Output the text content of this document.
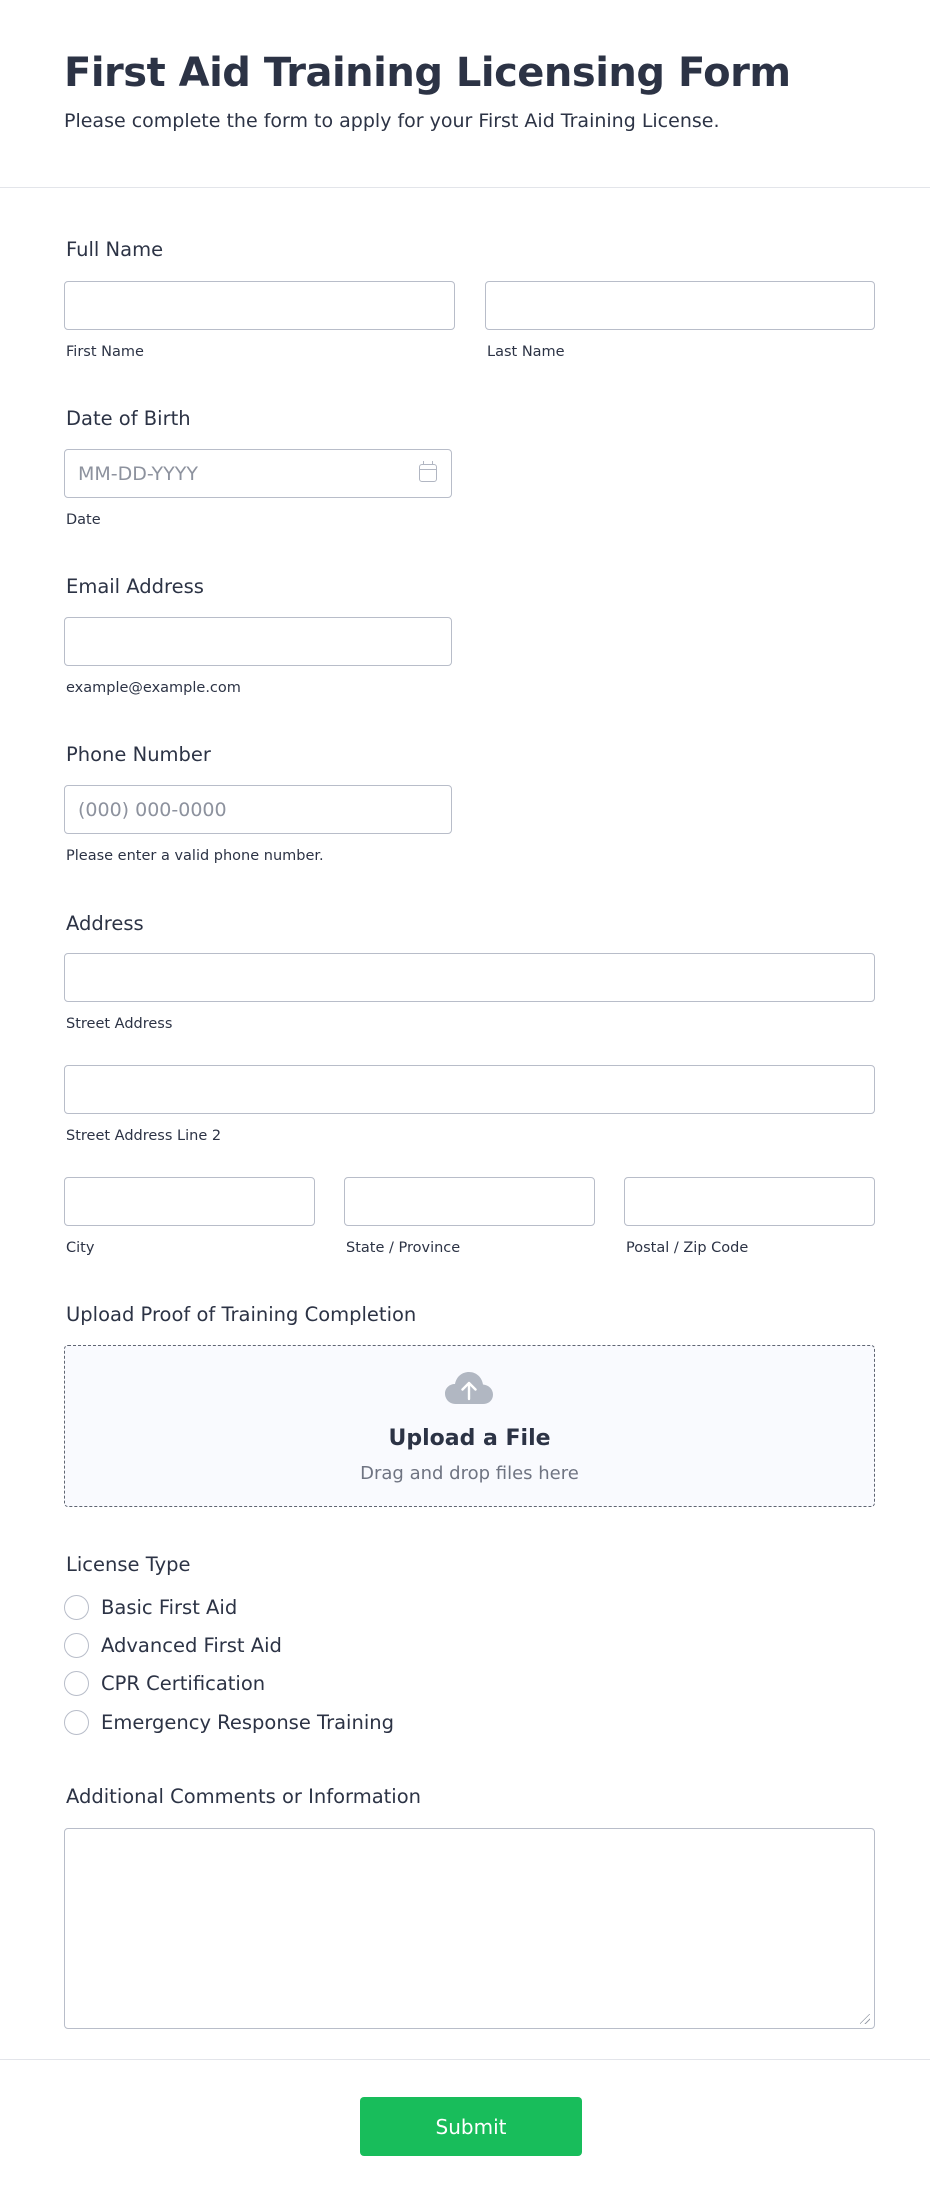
First Aid Training Licensing Form

Please complete the form to apply for your First Aid Training License.

Full Name
First Name	Last Name
Date of Birth
MM-DD-YYYY
Date
Email Address
example@example.com
Phone Number
(000) 000-0000
Please enter a valid phone number.
Address
Street Address
Street Address Line 2
City	State / Province	Postal / Zip Code
Upload Proof of Training Completion
Upload a File
Drag and drop files here
License Type
Basic First Aid
Advanced First Aid
CPR Certification
Emergency Response Training
Additional Comments or Information
Submit
